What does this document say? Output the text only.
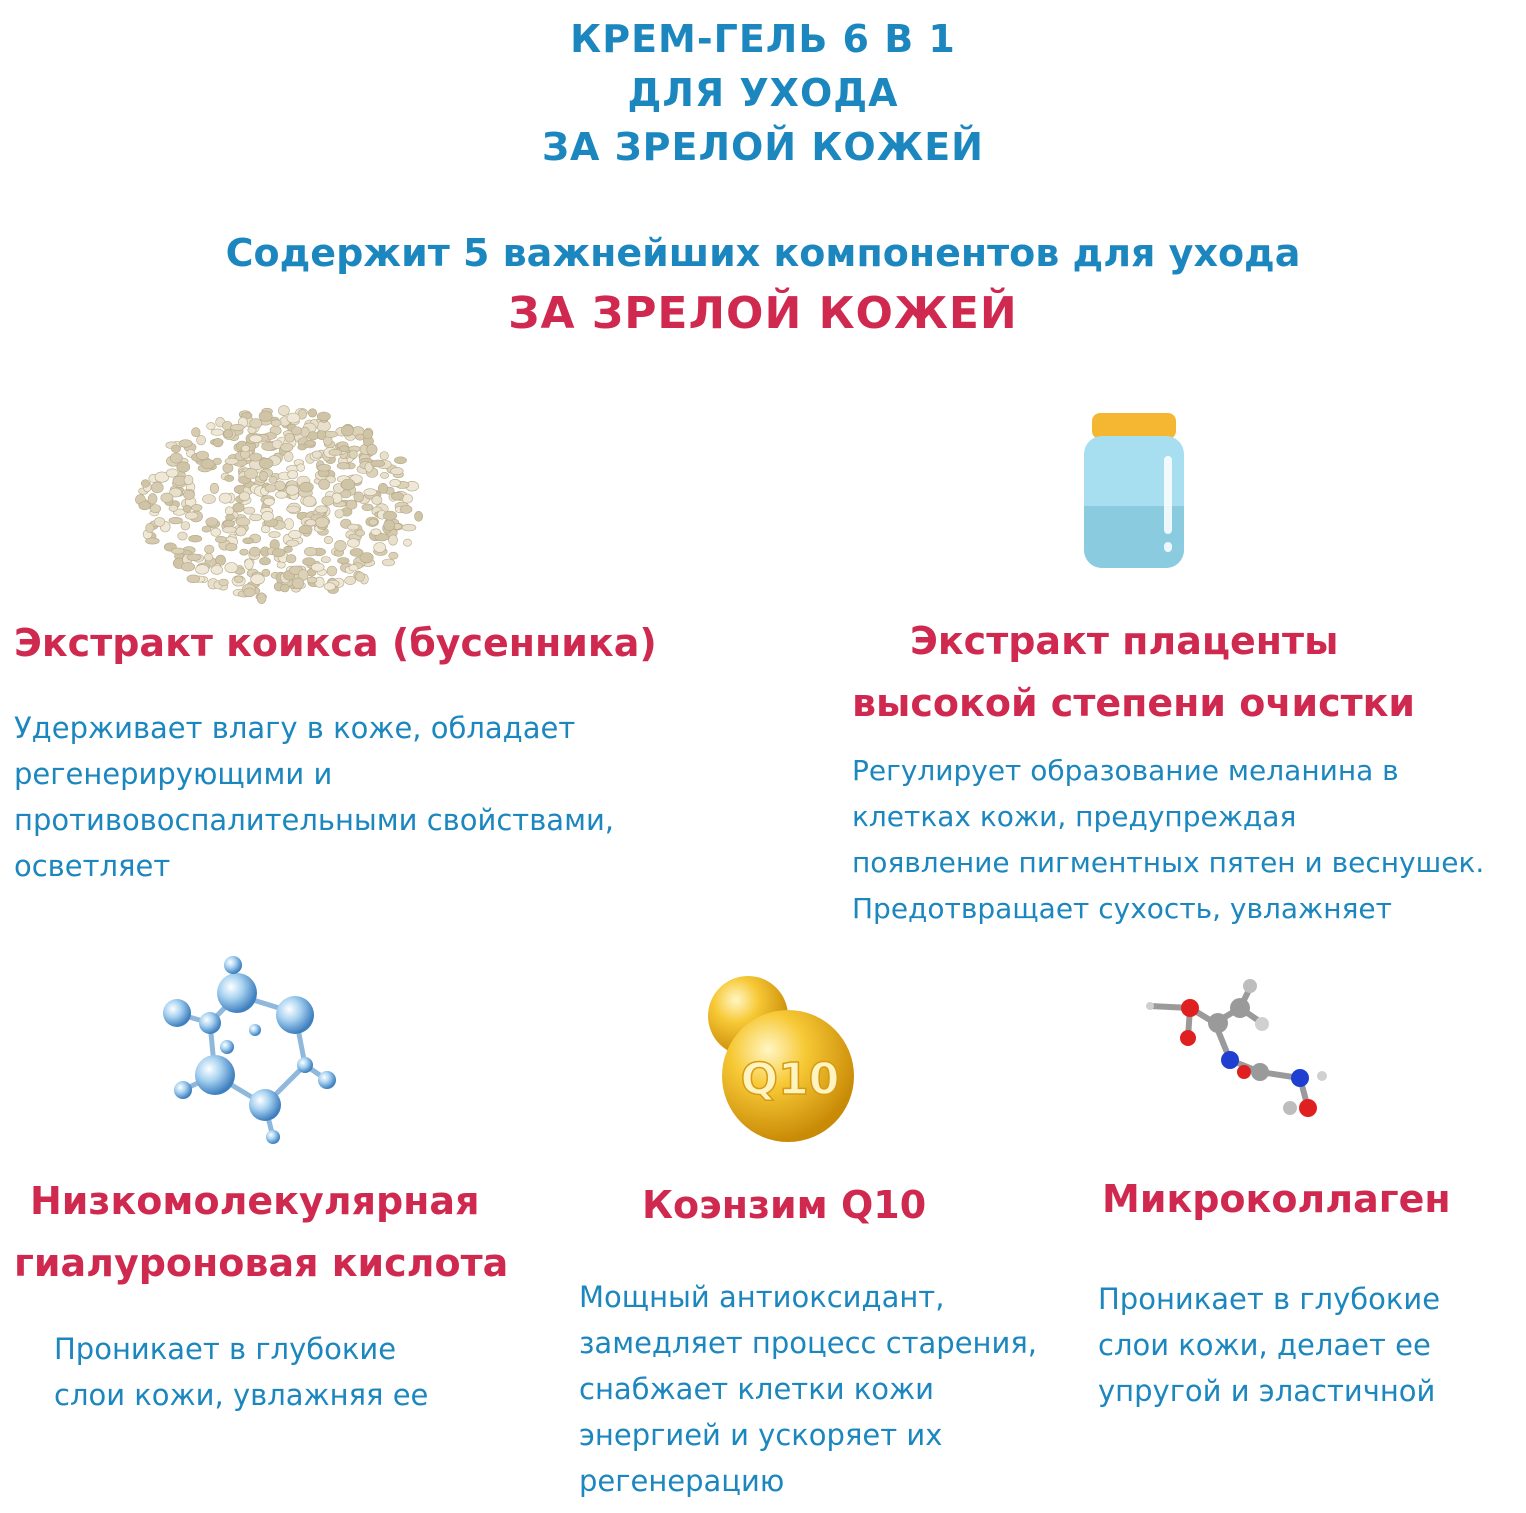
КРЕМ-ГЕЛЬ 6 В 1
ДЛЯ УХОДА
ЗА ЗРЕЛОЙ КОЖЕЙ
Содержит 5 важнейших компонентов для ухода
ЗА ЗРЕЛОЙ КОЖЕЙ
Экстракт коикса (бусенника)
Удерживает влагу в коже, обладает
регенерирующими и
противовоспалительными свойствами,
осветляет
Экстракт плаценты
высокой степени очистки
Регулирует образование меланина в
клетках кожи, предупреждая
появление пигментных пятен и веснушек.
Предотвращает сухость, увлажняет
Низкомолекулярная
гиалуроновая кислота
Проникает в глубокие
слои кожи, увлажняя ее
Q10
Коэнзим Q10
Мощный антиоксидант,
замедляет процесс старения,
снабжает клетки кожи
энергией и ускоряет их
регенерацию
Микроколлаген
Проникает в глубокие
слои кожи, делает ее
упругой и эластичной
